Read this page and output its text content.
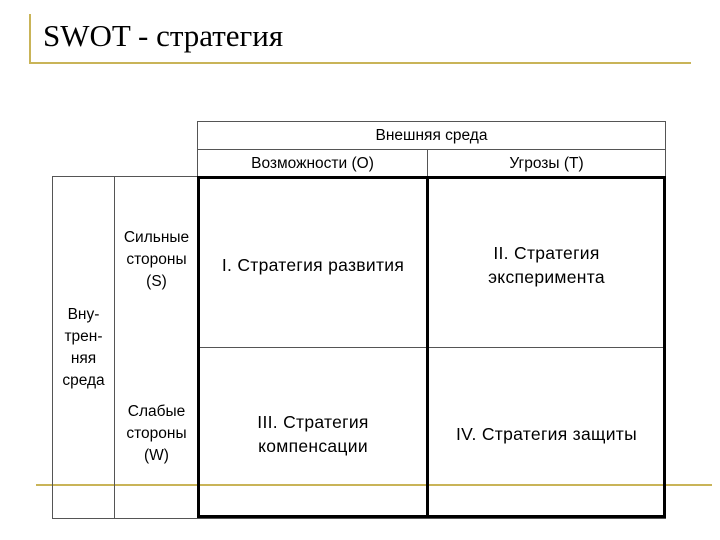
SWOT - стратегия
Внешняя среда
Возможности (О)	Угрозы (Т)
Вну-
трен-
няя
среда
Сильные
стороны
(S)
Слабые
стороны
(W)
I. Стратегия развития
II. Стратегия
эксперимента
III. Стратегия
компенсации
IV. Стратегия защиты
